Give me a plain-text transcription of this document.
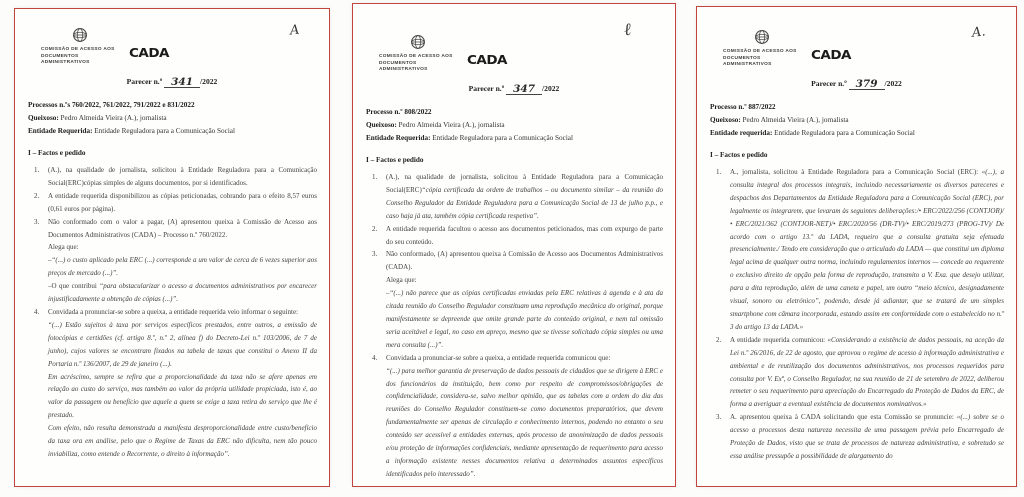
COMISSÃO DE ACESSO AOS
DOCUMENTOS ADMINISTRATIVOS
CADA
A
Parecer n.º 341 /2022
Processos n.ºs 760/2022, 761/2022, 791/2022 e 831/2022
Queixoso: Pedro Almeida Vieira (A.), jornalista
Entidade Requerida: Entidade Reguladora para a Comunicação Social
I – Factos e pedido
1.	(A.), na qualidade de jornalista, solicitou à Entidade Reguladora para a Comunicação Social(ERC)cópias simples de alguns documentos, por si identificados.
2.	A entidade requerida disponibilizou as cópias peticionadas, cobrando para o efeito 8,57 euros (0,61 euros por página).
3.	Não conformado com o valor a pagar, (A) apresentou queixa à Comissão de Acesso aos Documentos Administrativos (CADA) – Processo n.º 760/2022.
Alega que:
–“(...) o custo aplicado pela ERC (...) corresponde a um valor de cerca de 6 vezes superior aos preços de mercado (...)”.
–O que contribui “para obstacularizar o acesso a documentos administrativos por encarecer injustificadamente a obtenção de cópias (...)”.
4.	Convidada a pronunciar-se sobre a queixa, a entidade requerida veio informar o seguinte:
“(...) Estão sujeitos à taxa por serviços específicos prestados, entre outros, a emissão de fotocópias e certidões (cf. artigo 8.º, n.º 2, alínea f) do Decreto-Lei n.º 103/2006, de 7 de junho), cujos valores se encontram fixados na tabela de taxas que constitui o Anexo II da Portaria n.º 136/2007, de 29 de janeiro (...).
Em acréscimo, sempre se refira que a proporcionalidade da taxa não se afere apenas em relação ao custo do serviço, mas também ao valor da própria utilidade propiciada, isto é, ao valor da passagem ou benefício que aquele a quem se exige a taxa retira do serviço que lhe é prestado.
Com efeito, não resulta demonstrada a manifesta desproporcionalidade entre custo/benefício da taxa ora em análise, pelo que o Regime de Taxas da ERC não dificulta, nem tão pouco inviabiliza, como entende o Recorrente, o direito à informação”.
COMISSÃO DE ACESSO AOS
DOCUMENTOS ADMINISTRATIVOS
CADA
ℓ
Parecer n.º 347 /2022
Processo n.º 808/2022
Queixoso: Pedro Almeida Vieira (A.), jornalista
Entidade Requerida: Entidade Reguladora para a Comunicação Social
I – Factos e pedido
1.	(A.), na qualidade de jornalista, solicitou à Entidade Reguladora para a Comunicação Social(ERC)“cópia certificada da ordem de trabalhos – ou documento similar – da reunião do Conselho Regulador da Entidade Reguladora para a Comunicação Social de 13 de julho p.p., e caso haja já ata, também cópia certificada respetiva”.
2.	A entidade requerida facultou o acesso aos documentos peticionados, mas com expurgo de parte do seu conteúdo.
3.	Não conformado, (A) apresentou queixa à Comissão de Acesso aos Documentos Administrativos (CADA).
Alega que:
–“(...) não parece que as cópias certificadas enviadas pela ERC relativas à agenda e à ata da citada reunião do Conselho Regulador constituam uma reprodução mecânica do original, porque manifestamente se depreende que omite grande parte do conteúdo original, e nem tal omissão seria aceitável e legal, no caso em apreço, mesmo que se tivesse solicitado cópia simples ou uma mera consulta (...)”.
4.	Convidada a pronunciar-se sobre a queixa, a entidade requerida comunicou que:
“(...) para melhor garantia de preservação de dados pessoais de cidadãos que se dirigem à ERC e dos funcionários da instituição, bem como por respeito de compromissos/obrigações de confidencialidade, considera-se, salvo melhor opinião, que as tabelas com a ordem do dia das reuniões do Conselho Regulador constituem-se como documentos preparatórios, que devem fundamentalmente ser apenas de circulação e conhecimento internos, podendo no entanto o seu conteúdo ser acessível a entidades externas, após processo de anonimização de dados pessoais e/ou proteção de informações confidenciais, mediante apresentação de requerimento para acesso a informação existente nesses documentos relativa a determinados assuntos específicos identificados pelo interessado”.
COMISSÃO DE ACESSO AOS
DOCUMENTOS ADMINISTRATIVOS
CADA
A.
Parecer n.º 379 /2022
Processo n.º 887/2022
Queixoso: Pedro Almeida Vieira (A.), jornalista
Entidade requerida: Entidade Reguladora para a Comunicação Social
I – Factos e pedido
1.	A., jornalista, solicitou à Entidade Reguladora para a Comunicação Social (ERC): «(...), a consulta integral dos processos integrais, incluindo necessariamente os diversos pareceres e despachos dos Departamentos da Entidade Reguladora para a Comunicação Social (ERC), por legalmente os integrarem, que levaram às seguintes deliberações:/• ERC/2022/256 (CONTJOR)/• ERC/2021/362 (CONTJOR-NET)/• ERC/2020/56 (DR-TV)/• ERC/2019/273 (PROG-TV)/ De acordo com o artigo 13.º da LADA, requeiro que a consulta gratuita seja efetuada presencialmente./ Tendo em consideração que o articulado da LADA — que constitui um diploma legal acima de qualquer outra norma, incluindo regulamentos internos — concede ao requerente o exclusivo direito de opção pela forma de reprodução, transmito a V. Exa. que desejo utilizar, para a dita reprodução, além de uma caneta e papel, um outro “meio técnico, designadamente visual, sonoro ou eletrónico”, podendo, desde já adiantar, que se tratará de um simples smartphone com câmara incorporada, estando assim em conformidade com o estabelecido no n.º 3 do artigo 13 da LADA.»
2.	A entidade requerida comunicou: «Considerando a existência de dados pessoais, na aceção da Lei n.º 26/2016, de 22 de agosto, que aprovou o regime de acesso à informação administrativa e ambiental e de reutilização dos documentos administrativos, nos processos requeridos para consulta por V. Exª, o Conselho Regulador, na sua reunião de 21 de setembro de 2022, deliberou remeter o seu requerimento para apreciação do Encarregado da Proteção de Dados da ERC, de forma a averiguar a eventual existência de documentos nominativos.»
3.	A. apresentou queixa à CADA solicitando que esta Comissão se pronuncie: «(...) sobre se o acesso a processos desta natureza necessita de uma passagem prévia pelo Encarregado de Proteção de Dados, visto que se trata de processos de natureza administrativa, e sobretudo se essa análise pressupõe a possibilidade de alargamento do
